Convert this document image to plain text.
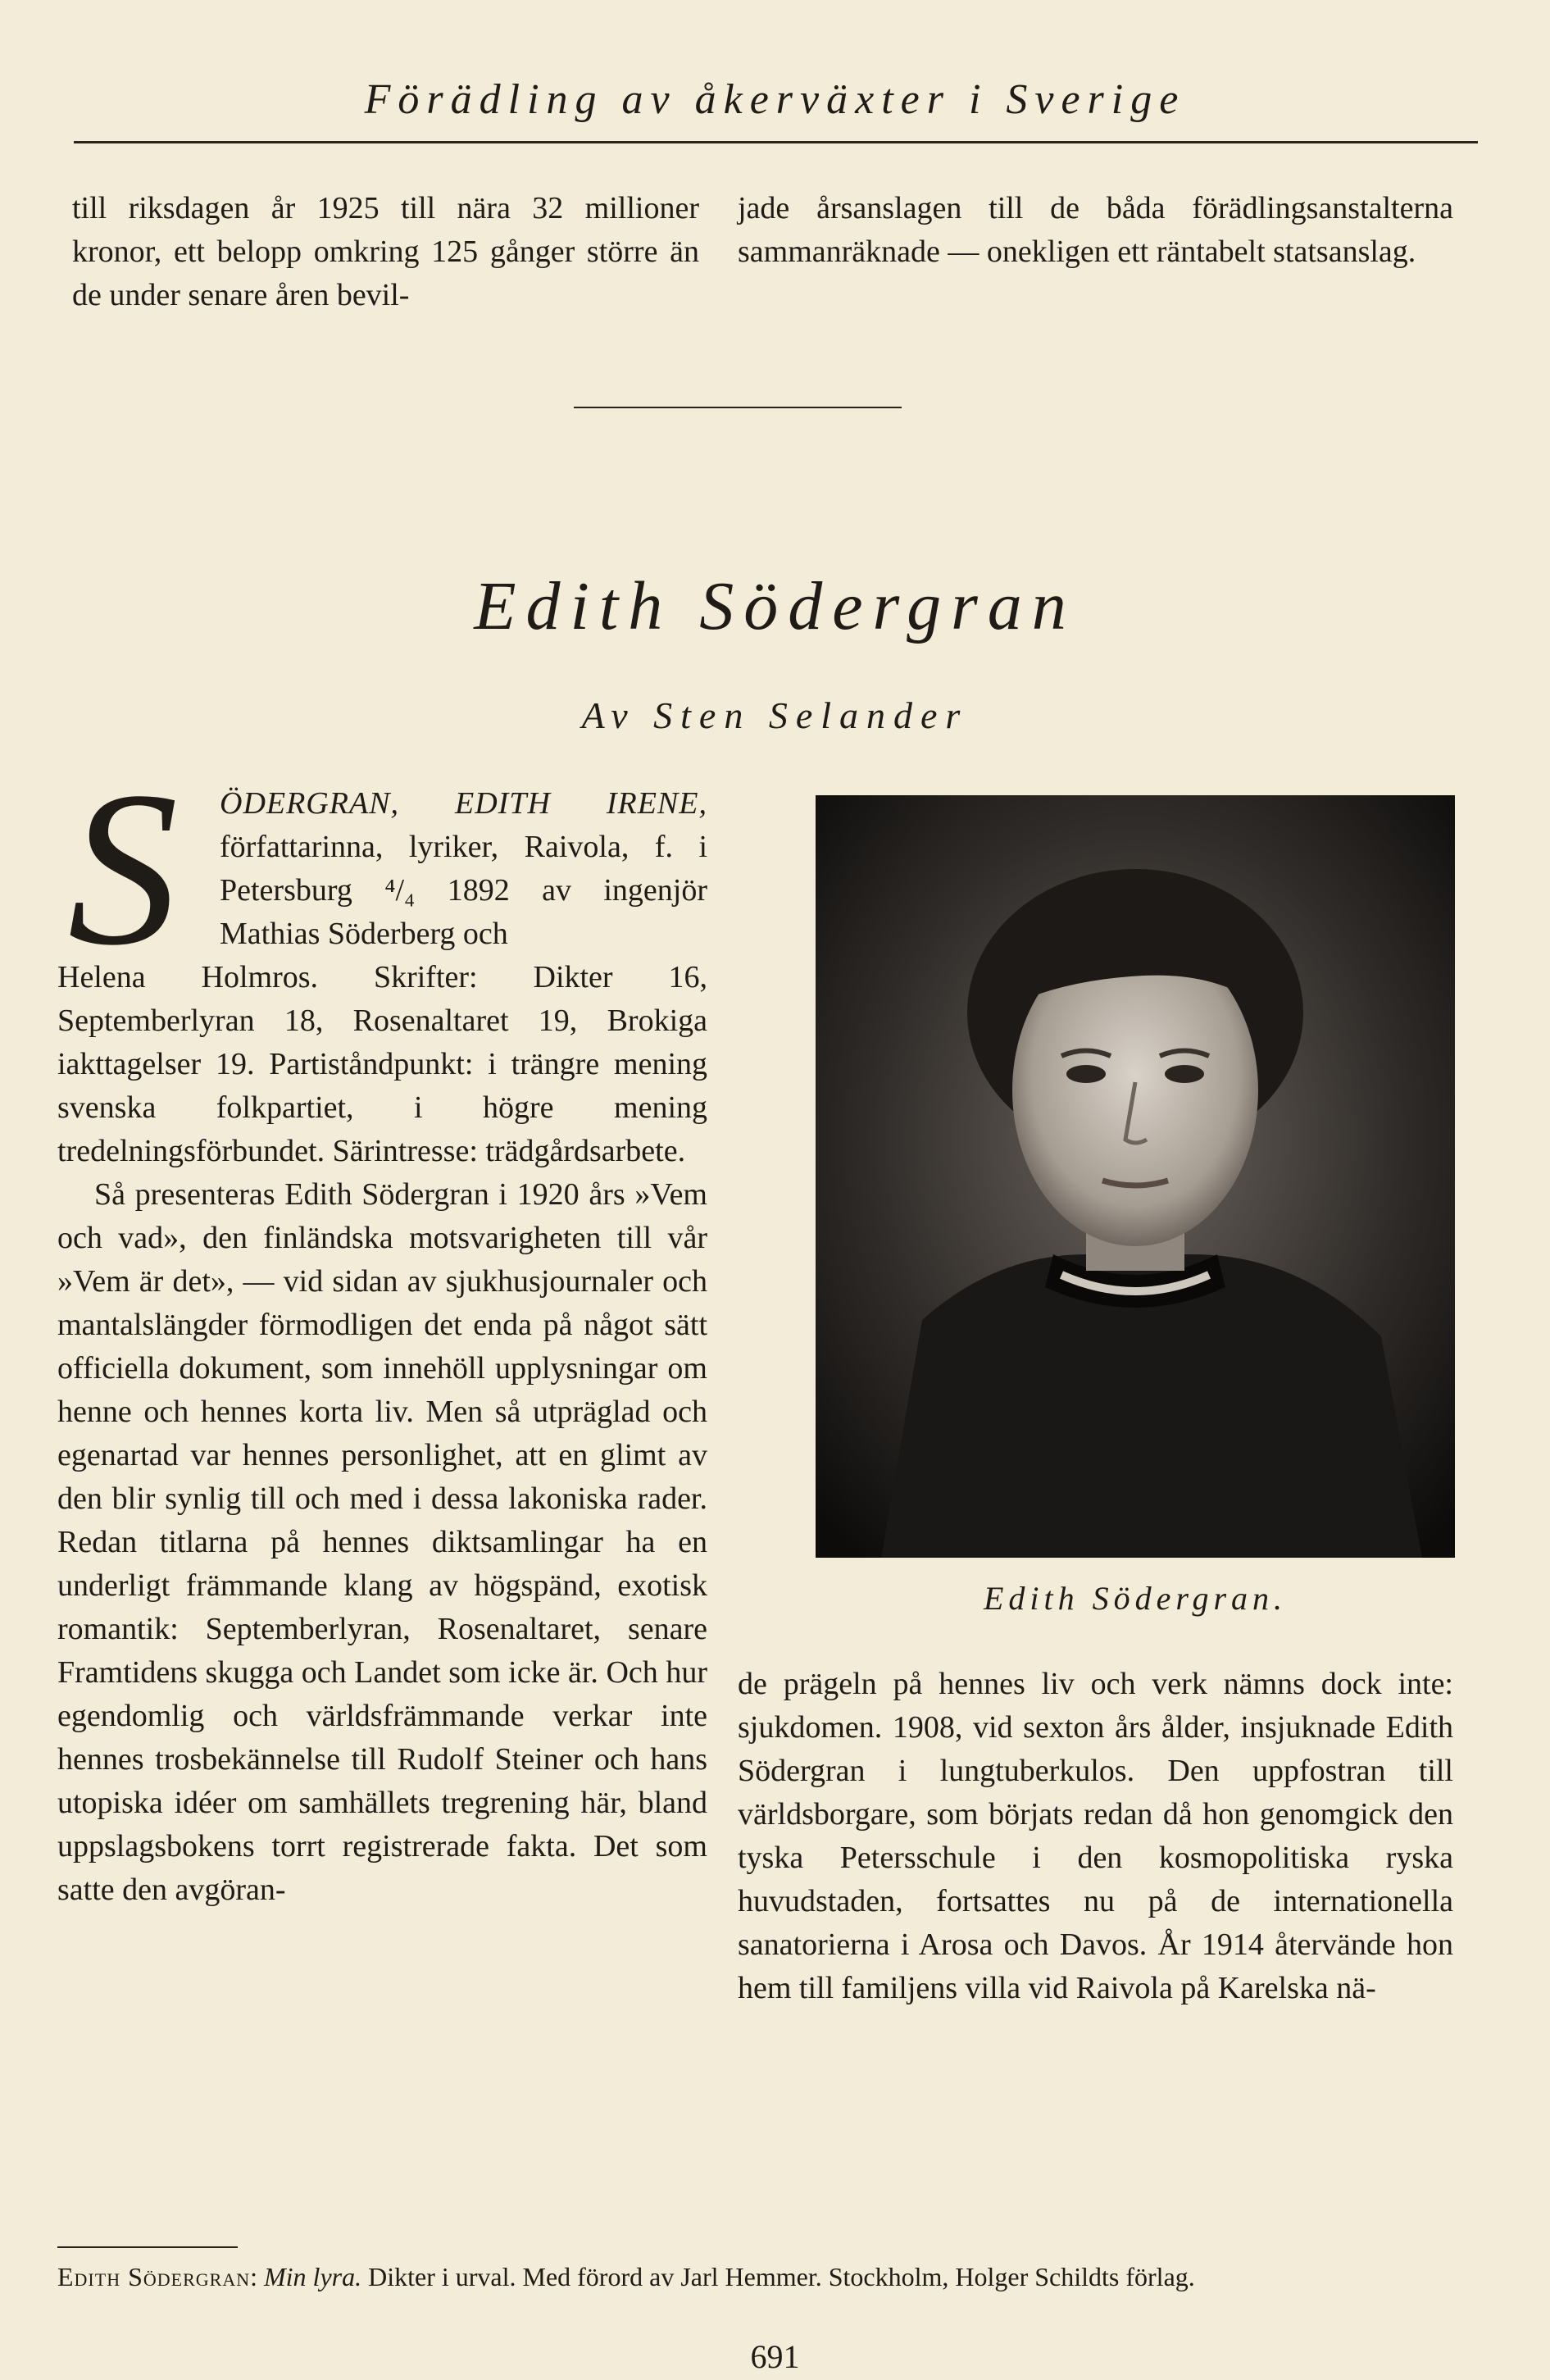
Förädling av åkerväxter i Sverige

till riksdagen år 1925 till nära 32 millioner kronor, ett belopp omkring 125 gånger större än de under senare åren bevil-

jade årsanslagen till de båda förädlingsanstalterna sammanräknade — onekligen ett räntabelt statsanslag.

Edith Södergran
Av Sten Selander
S	ÖDERGRAN, EDITH IRENE, författarinna, lyriker, Raivola, f. i Petersburg ⁴/₄ 1892 av ingenjör Mathias Söderberg och

Helena Holmros. Skrifter: Dikter 16, Septemberlyran 18, Rosenaltaret 19, Brokiga iakttagelser 19. Partiståndpunkt: i trängre mening svenska folkpartiet, i högre mening tredelningsförbundet. Särintresse: trädgårdsarbete.

Så presenteras Edith Södergran i 1920 års »Vem och vad», den finländska motsvarigheten till vår »Vem är det», — vid sidan av sjukhusjournaler och mantalslängder förmodligen det enda på något sätt officiella dokument, som innehöll upplysningar om henne och hennes korta liv. Men så utpräglad och egenartad var hennes personlighet, att en glimt av den blir synlig till och med i dessa lakoniska rader. Redan titlarna på hennes diktsamlingar ha en underligt främmande klang av högspänd, exotisk romantik: Septemberlyran, Rosenaltaret, senare Framtidens skugga och Landet som icke är. Och hur egendomlig och världsfrämmande verkar inte hennes trosbekännelse till Rudolf Steiner och hans utopiska idéer om samhällets tregrening här, bland uppslagsbokens torrt registrerade fakta. Det som satte den avgöran-

Edith Södergran.

de prägeln på hennes liv och verk nämns dock inte: sjukdomen. 1908, vid sexton års ålder, insjuknade Edith Södergran i lungtuberkulos. Den uppfostran till världsborgare, som börjats redan då hon genomgick den tyska Petersschule i den kosmopolitiska ryska huvudstaden, fortsattes nu på de internationella sanatorierna i Arosa och Davos. År 1914 återvände hon hem till familjens villa vid Raivola på Karelska nä-

Edith Södergran: Min lyra. Dikter i urval. Med förord av Jarl Hemmer. Stockholm, Holger Schildts förlag.
691
